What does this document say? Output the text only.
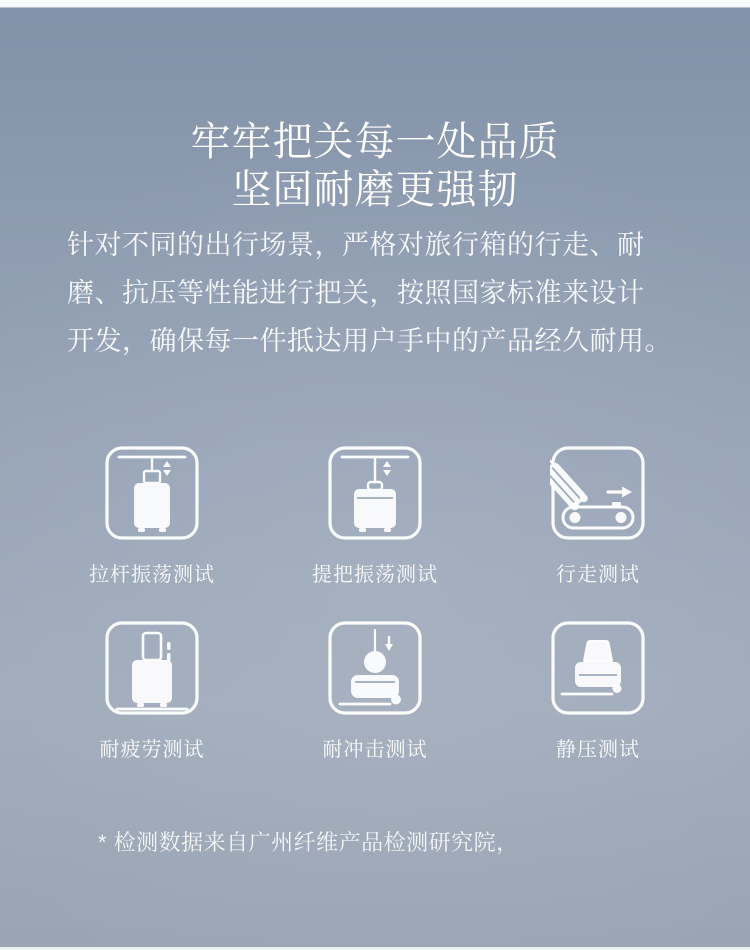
牢牢把关每一处品质
坚固耐磨更强韧
针对不同的出行场景，严格对旅行箱的行走、耐
磨、抗压等性能进行把关，按照国家标准来设计
开发，确保每一件抵达用户手中的产品经久耐用。
拉杆振荡测试	提把振荡测试	行走测试
耐疲劳测试	耐冲击测试	静压测试
* 检测数据来自广州纤维产品检测研究院，
